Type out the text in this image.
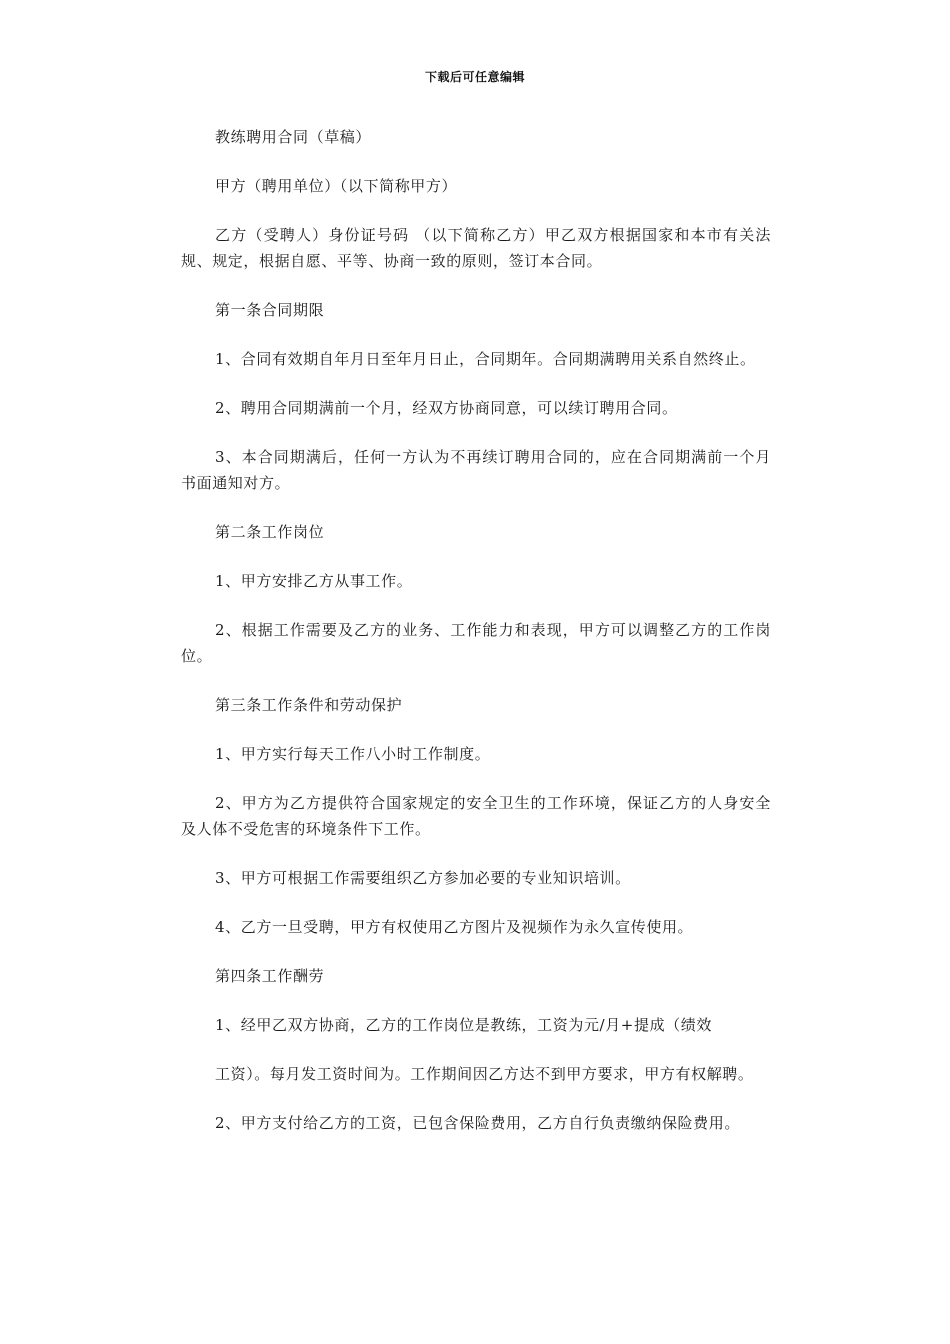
下载后可任意编辑

教练聘用合同（草稿）

甲方（聘用单位）（以下简称甲方）

乙方（受聘人）身份证号码 （以下简称乙方）甲乙双方根据国家和本市有关法规、规定，根据自愿、平等、协商一致的原则，签订本合同。

第一条合同期限

1、合同有效期自年月日至年月日止，合同期年。合同期满聘用关系自然终止。

2、聘用合同期满前一个月，经双方协商同意，可以续订聘用合同。

3、本合同期满后，任何一方认为不再续订聘用合同的，应在合同期满前一个月书面通知对方。

第二条工作岗位

1、甲方安排乙方从事工作。

2、根据工作需要及乙方的业务、工作能力和表现，甲方可以调整乙方的工作岗位。

第三条工作条件和劳动保护

1、甲方实行每天工作八小时工作制度。

2、甲方为乙方提供符合国家规定的安全卫生的工作环境，保证乙方的人身安全及人体不受危害的环境条件下工作。

3、甲方可根据工作需要组织乙方参加必要的专业知识培训。

4、乙方一旦受聘，甲方有权使用乙方图片及视频作为永久宣传使用。

第四条工作酬劳

1、经甲乙双方协商，乙方的工作岗位是教练，工资为元/月+提成（绩效

工资）。每月发工资时间为。工作期间因乙方达不到甲方要求，甲方有权解聘。

2、甲方支付给乙方的工资，已包含保险费用，乙方自行负责缴纳保险费用。
